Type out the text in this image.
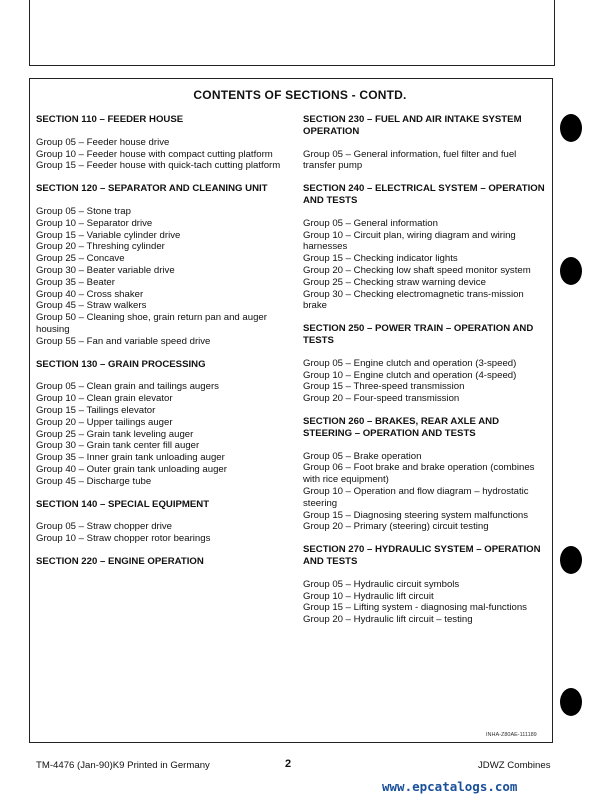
CONTENTS OF SECTIONS - CONTD.
SECTION 110 – FEEDER HOUSE
Group 05 – Feeder house drive
Group 10 – Feeder house with compact cutting platform
Group 15 – Feeder house with quick-tach cutting platform
SECTION 120 – SEPARATOR AND CLEANING UNIT
Group 05 – Stone trap
Group 10 – Separator drive
Group 15 – Variable cylinder drive
Group 20 – Threshing cylinder
Group 25 – Concave
Group 30 – Beater variable drive
Group 35 – Beater
Group 40 – Cross shaker
Group 45 – Straw walkers
Group 50 – Cleaning shoe, grain return pan and auger housing
Group 55 – Fan and variable speed drive
SECTION 130 – GRAIN PROCESSING
Group 05 – Clean grain and tailings augers
Group 10 – Clean grain elevator
Group 15 – Tailings elevator
Group 20 – Upper tailings auger
Group 25 – Grain tank leveling auger
Group 30 – Grain tank center fill auger
Group 35 – Inner grain tank unloading auger
Group 40 – Outer grain tank unloading auger
Group 45 – Discharge tube
SECTION 140 – SPECIAL EQUIPMENT
Group 05 – Straw chopper drive
Group 10 – Straw chopper rotor bearings
SECTION 220 – ENGINE OPERATION
SECTION 230 – FUEL AND AIR INTAKE SYSTEM OPERATION
Group 05 – General information, fuel filter and fuel transfer pump
SECTION 240 – ELECTRICAL SYSTEM – OPERATION AND TESTS
Group 05 – General information
Group 10 – Circuit plan, wiring diagram and wiring harnesses
Group 15 – Checking indicator lights
Group 20 – Checking low shaft speed monitor system
Group 25 – Checking straw warning device
Group 30 – Checking electromagnetic trans-mission brake
SECTION 250 – POWER TRAIN – OPERATION AND TESTS
Group 05 – Engine clutch and operation (3-speed)
Group 10 – Engine clutch and operation (4-speed)
Group 15 – Three-speed transmission
Group 20 – Four-speed transmission
SECTION 260 – BRAKES, REAR AXLE AND STEERING – OPERATION AND TESTS
Group 05 – Brake operation
Group 06 – Foot brake and brake operation (combines with rice equipment)
Group 10 – Operation and flow diagram – hydrostatic steering
Group 15 – Diagnosing steering system malfunctions
Group 20 – Primary (steering) circuit testing
SECTION 270 – HYDRAULIC SYSTEM – OPERATION AND TESTS
Group 05 – Hydraulic circuit symbols
Group 10 – Hydraulic lift circuit
Group 15 – Lifting system - diagnosing mal-functions
Group 20 – Hydraulic lift circuit – testing
INHA-Z80AE-111189
TM-4476 (Jan-90)K9 Printed in Germany	2	JDWZ Combines
www.epcatalogs.com
